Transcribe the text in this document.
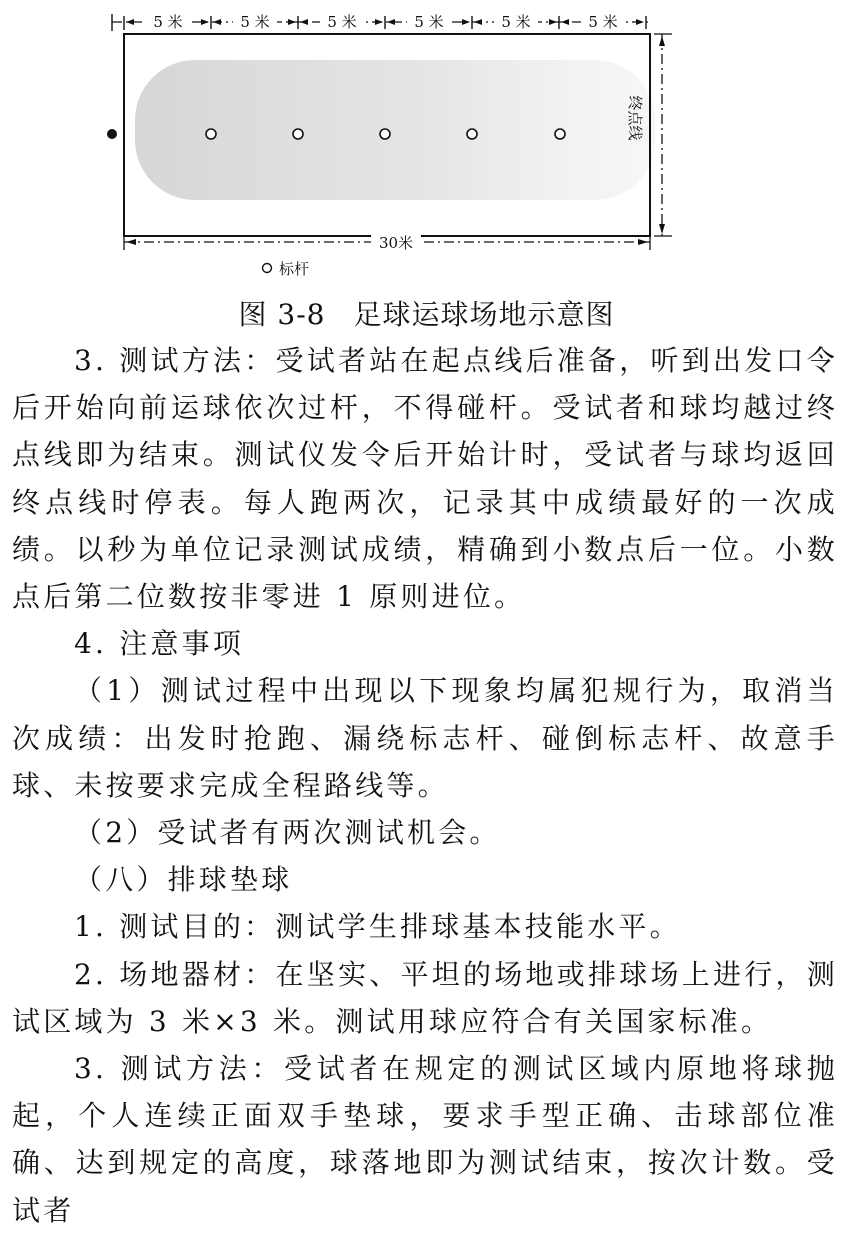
5 米	5 米	5 米	5 米	5 米	5 米
终点线
30米
标杆
图 3-8 足球运球场地示意图

3. 测试方法：受试者站在起点线后准备，听到出发口令后开始向前运球依次过杆，不得碰杆。受试者和球均越过终点线即为结束。测试仪发令后开始计时，受试者与球均返回终点线时停表。每人跑两次，记录其中成绩最好的一次成绩。以秒为单位记录测试成绩，精确到小数点后一位。小数点后第二位数按非零进 1 原则进位。

4. 注意事项

（1）测试过程中出现以下现象均属犯规行为，取消当次成绩：出发时抢跑、漏绕标志杆、碰倒标志杆、故意手球、未按要求完成全程路线等。

（2）受试者有两次测试机会。

（八）排球垫球

1. 测试目的：测试学生排球基本技能水平。

2. 场地器材：在坚实、平坦的场地或排球场上进行，测试区域为 3 米×3 米。测试用球应符合有关国家标准。

3. 测试方法：受试者在规定的测试区域内原地将球抛起，个人连续正面双手垫球，要求手型正确、击球部位准确、达到规定的高度，球落地即为测试结束，按次计数。受试者
